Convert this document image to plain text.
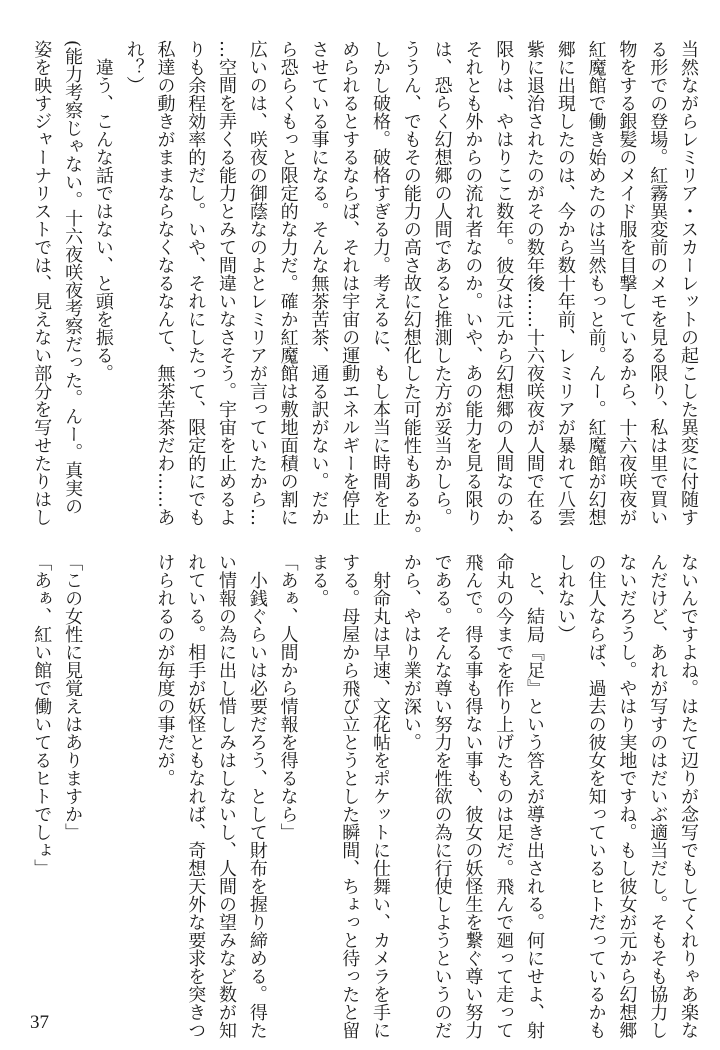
当然ながらレミリア・スカーレットの起こした異変に付随す
る形での登場。紅霧異変前のメモを見る限り、私は里で買い
物をする銀髪のメイド服を目撃しているから、十六夜咲夜が
紅魔館で働き始めたのは当然もっと前。んー。紅魔館が幻想
郷に出現したのは、今から数十年前、レミリアが暴れて八雲
紫に退治されたのがその数年後……十六夜咲夜が人間で在る
限りは、やはりここ数年。彼女は元から幻想郷の人間なのか、
それとも外からの流れ者なのか。いや、あの能力を見る限り
は、恐らく幻想郷の人間であると推測した方が妥当かしら。
ううん、でもその能力の高さ故に幻想化した可能性もあるか。
しかし破格。破格すぎる力。考えるに、もし本当に時間を止
められるとするならば、それは宇宙の運動エネルギーを停止
させている事になる。そんな無茶苦茶、通る訳がない。だか
ら恐らくもっと限定的な力だ。確か紅魔館は敷地面積の割に
広いのは、咲夜の御蔭なのよとレミリアが言っていたから…
…空間を弄くる能力とみて間違いなさそう。宇宙を止めるよ
りも余程効率的だし。いや、それにしたって、限定的にでも
私達の動きがままならなくなるなんて、無茶苦茶だわ……あ
れ？）
　違う、こんな話ではない、と頭を振る。
(能力考察じゃない。十六夜咲夜考察だった。んー。真実の
姿を映すジャーナリストでは、見えない部分を写せたりはし
ないんですよね。はたて辺りが念写でもしてくれりゃあ楽な
んだけど、あれが写すのはだいぶ適当だし。そもそも協力し
ないだろうし。やはり実地ですね。もし彼女が元から幻想郷
の住人ならば、過去の彼女を知っているヒトだっているかも
しれない）
　と、結局『足』という答えが導き出される。何にせよ、射
命丸の今までを作り上げたものは足だ。飛んで廻って走って
飛んで。得る事も得ない事も、彼女の妖怪生を繋ぐ尊い努力
である。そんな尊い努力を性欲の為に行使しようというのだ
から、やはり業が深い。
　射命丸は早速、文花帖をポケットに仕舞い、カメラを手に
する。母屋から飛び立とうとした瞬間、ちょっと待ったと留
まる。
「あぁ、人間から情報を得るなら」
　小銭ぐらいは必要だろう、として財布を握り締める。得た
い情報の為に出し惜しみはしないし、人間の望みなど数が知
れている。相手が妖怪ともなれば、奇想天外な要求を突きつ
けられるのが毎度の事だが。
「この女性に見覚えはありますか」
「あぁ、紅い館で働いてるヒトでしょ」
37
